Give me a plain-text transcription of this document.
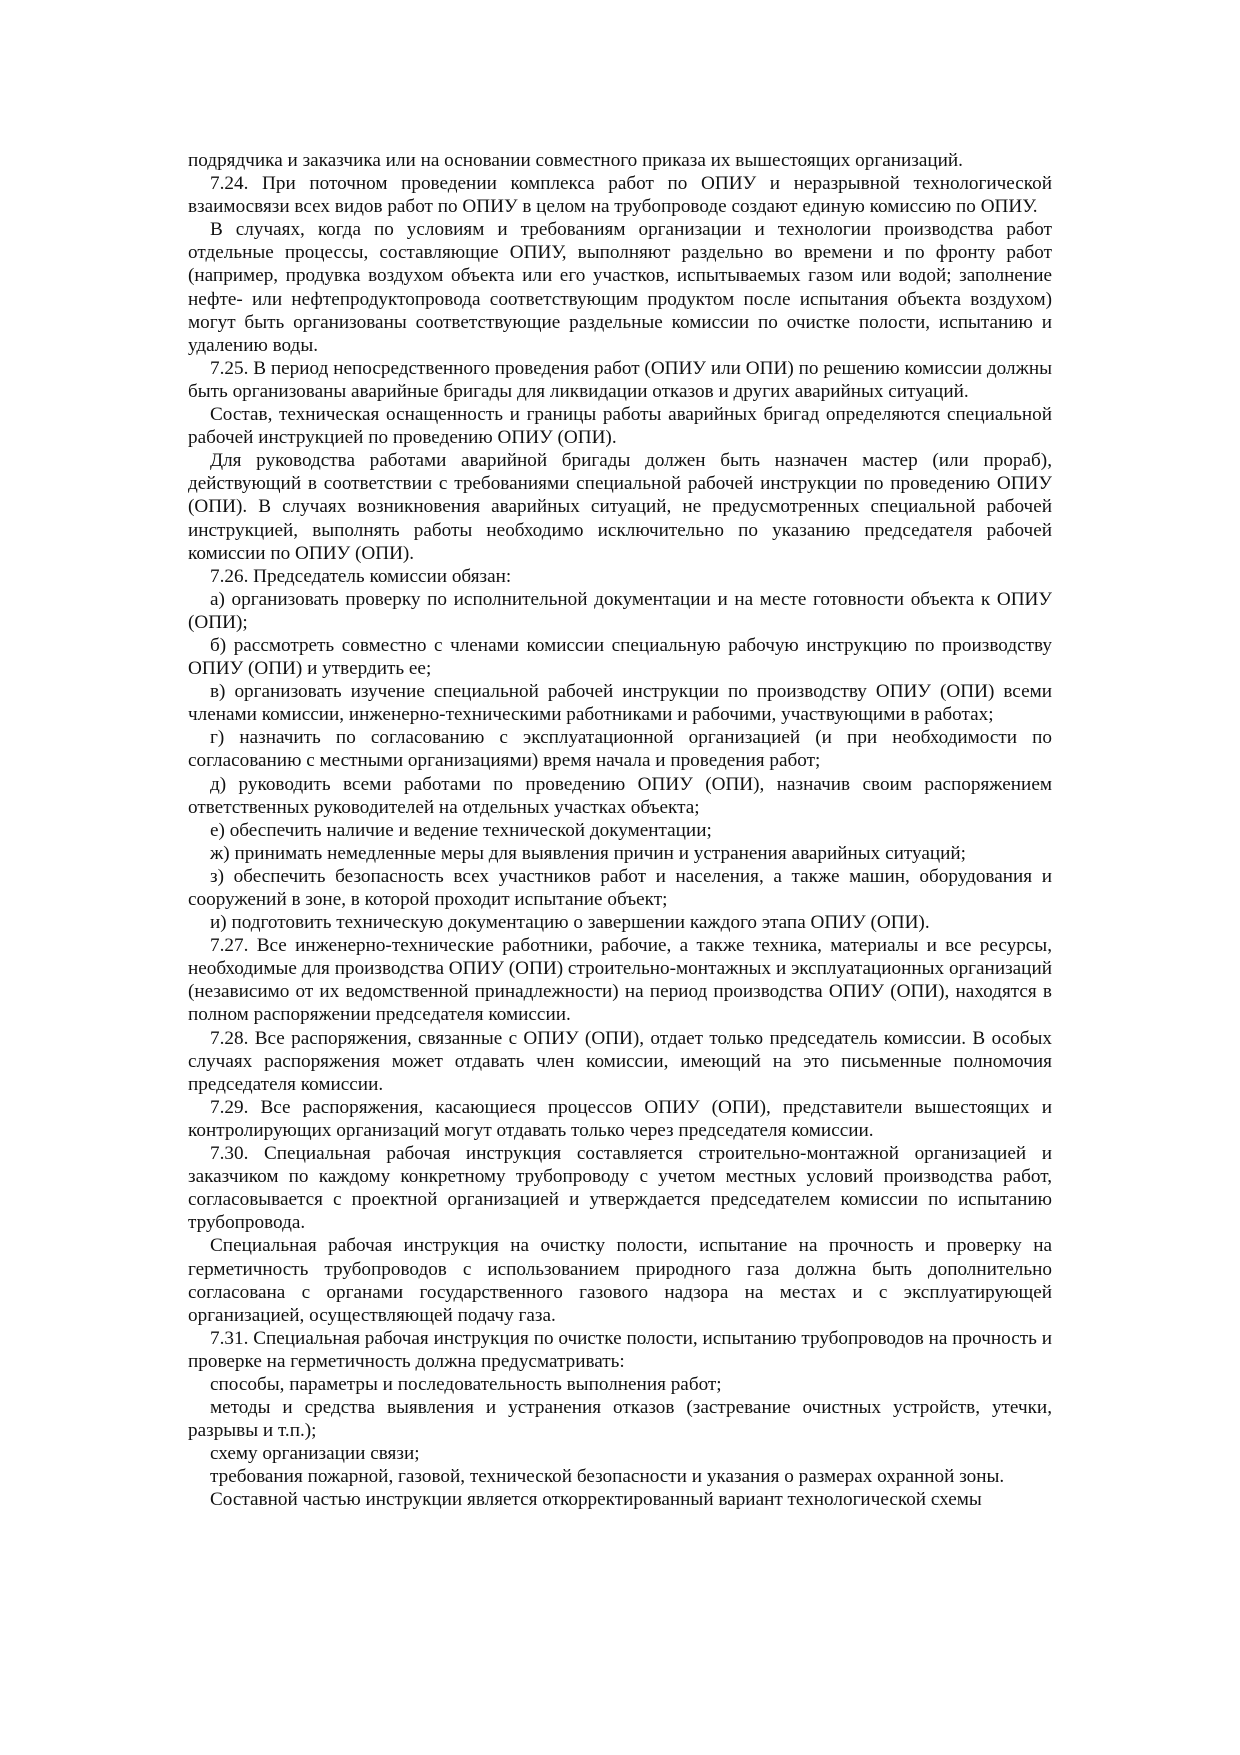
подрядчика и заказчика или на основании совместного приказа их вышестоящих организаций.

7.24. При поточном проведении комплекса работ по ОПИУ и неразрывной технологической взаимосвязи всех видов работ по ОПИУ в целом на трубопроводе создают единую комиссию по ОПИУ.

В случаях, когда по условиям и требованиям организации и технологии производства работ отдельные процессы, составляющие ОПИУ, выполняют раздельно во времени и по фронту работ (например, продувка воздухом объекта или его участков, испытываемых газом или водой; заполнение нефте- или нефтепродуктопровода соответствующим продуктом после испытания объекта воздухом) могут быть организованы соответствующие раздельные комиссии по очистке полости, испытанию и удалению воды.

7.25. В период непосредственного проведения работ (ОПИУ или ОПИ) по решению комиссии должны быть организованы аварийные бригады для ликвидации отказов и других аварийных ситуаций.

Состав, техническая оснащенность и границы работы аварийных бригад определяются специальной рабочей инструкцией по проведению ОПИУ (ОПИ).

Для руководства работами аварийной бригады должен быть назначен мастер (или прораб), действующий в соответствии с требованиями специальной рабочей инструкции по проведению ОПИУ (ОПИ). В случаях возникновения аварийных ситуаций, не предусмотренных специальной рабочей инструкцией, выполнять работы необходимо исключительно по указанию председателя рабочей комиссии по ОПИУ (ОПИ).

7.26. Председатель комиссии обязан:

а) организовать проверку по исполнительной документации и на месте готовности объекта к ОПИУ (ОПИ);

б) рассмотреть совместно с членами комиссии специальную рабочую инструкцию по производству ОПИУ (ОПИ) и утвердить ее;

в) организовать изучение специальной рабочей инструкции по производству ОПИУ (ОПИ) всеми членами комиссии, инженерно-техническими работниками и рабочими, участвующими в работах;

г) назначить по согласованию с эксплуатационной организацией (и при необходимости по согласованию с местными организациями) время начала и проведения работ;

д) руководить всеми работами по проведению ОПИУ (ОПИ), назначив своим распоряжением ответственных руководителей на отдельных участках объекта;

е) обеспечить наличие и ведение технической документации;

ж) принимать немедленные меры для выявления причин и устранения аварийных ситуаций;

з) обеспечить безопасность всех участников работ и населения, а также машин, оборудования и сооружений в зоне, в которой проходит испытание объект;

и) подготовить техническую документацию о завершении каждого этапа ОПИУ (ОПИ).

7.27. Все инженерно-технические работники, рабочие, а также техника, материалы и все ресурсы, необходимые для производства ОПИУ (ОПИ) строительно-монтажных и эксплуатационных организаций (независимо от их ведомственной принадлежности) на период производства ОПИУ (ОПИ), находятся в полном распоряжении председателя комиссии.

7.28. Все распоряжения, связанные с ОПИУ (ОПИ), отдает только председатель комиссии. В особых случаях распоряжения может отдавать член комиссии, имеющий на это письменные полномочия председателя комиссии.

7.29. Все распоряжения, касающиеся процессов ОПИУ (ОПИ), представители вышестоящих и контролирующих организаций могут отдавать только через председателя комиссии.

7.30. Специальная рабочая инструкция составляется строительно-монтажной организацией и заказчиком по каждому конкретному трубопроводу с учетом местных условий производства работ, согласовывается с проектной организацией и утверждается председателем комиссии по испытанию трубопровода.

Специальная рабочая инструкция на очистку полости, испытание на прочность и проверку на герметичность трубопроводов с использованием природного газа должна быть дополнительно согласована с органами государственного газового надзора на местах и с эксплуатирующей организацией, осуществляющей подачу газа.

7.31. Специальная рабочая инструкция по очистке полости, испытанию трубопроводов на прочность и проверке на герметичность должна предусматривать:

способы, параметры и последовательность выполнения работ;

методы и средства выявления и устранения отказов (застревание очистных устройств, утечки, разрывы и т.п.);

схему организации связи;

требования пожарной, газовой, технической безопасности и указания о размерах охранной зоны.

Составной частью инструкции является откорректированный вариант технологической схемы
